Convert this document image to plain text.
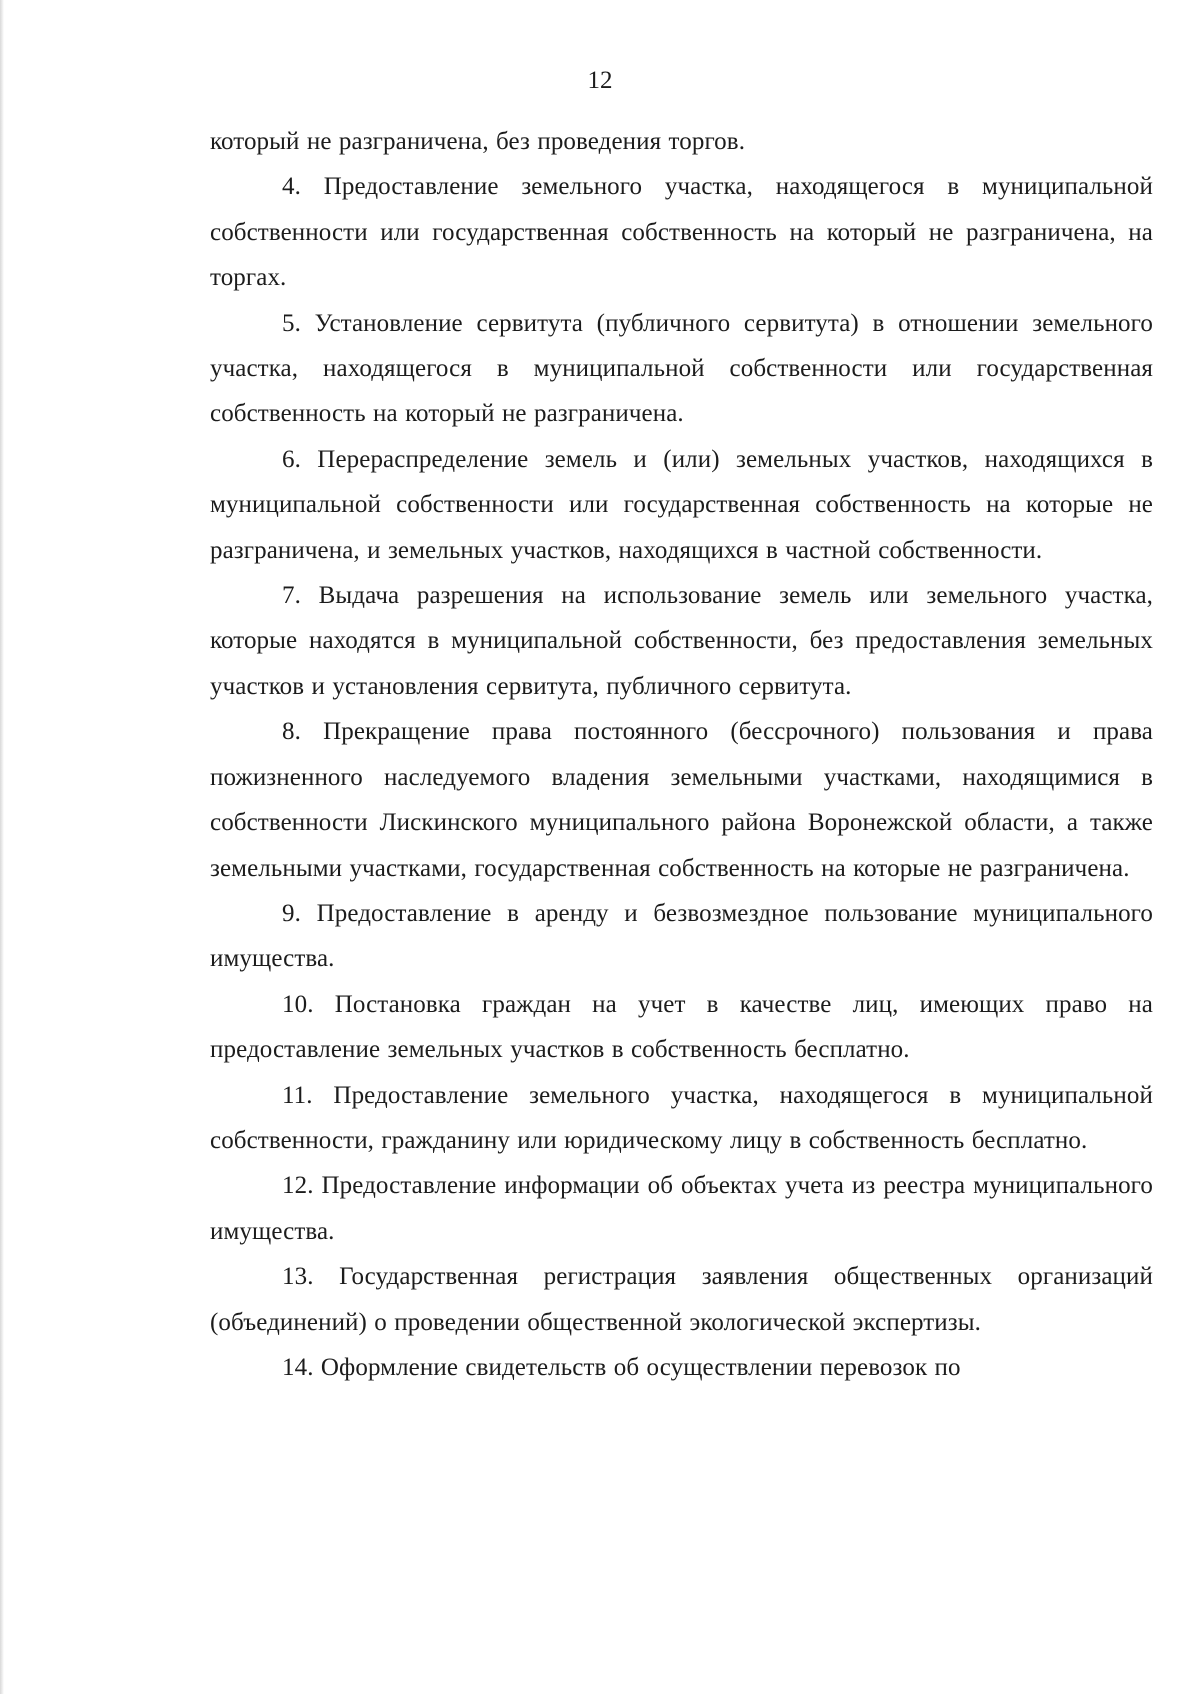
12

который не разграничена, без проведения торгов.

4. Предоставление земельного участка, находящегося в муниципальной собственности или государственная собственность на который не разграничена, на торгах.

5. Установление сервитута (публичного сервитута) в отношении земельного участка, находящегося в муниципальной собственности или государственная собственность на который не разграничена.

6. Перераспределение земель и (или) земельных участков, находящихся в муниципальной собственности или государственная собственность на которые не разграничена, и земельных участков, находящихся в частной собственности.

7. Выдача разрешения на использование земель или земельного участка, которые находятся в муниципальной собственности, без предоставления земельных участков и установления сервитута, публичного сервитута.

8. Прекращение права постоянного (бессрочного) пользования и права пожизненного наследуемого владения земельными участками, находящимися в собственности Лискинского муниципального района Воронежской области, а также земельными участками, государственная собственность на которые не разграничена.

9. Предоставление в аренду и безвозмездное пользование муниципального имущества.

10. Постановка граждан на учет в качестве лиц, имеющих право на предоставление земельных участков в собственность бесплатно.

11. Предоставление земельного участка, находящегося в муниципальной собственности, гражданину или юридическому лицу в собственность бесплатно.

12. Предоставление информации об объектах учета из реестра муниципального имущества.

13. Государственная регистрация заявления общественных организаций (объединений) о проведении общественной экологической экспертизы.

14. Оформление свидетельств об осуществлении перевозок по
